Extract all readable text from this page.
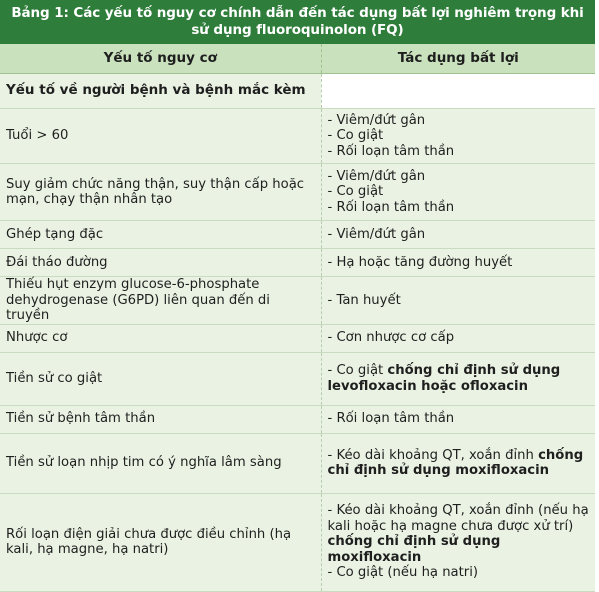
Bảng 1: Các yếu tố nguy cơ chính dẫn đến tác dụng bất lợi nghiêm trọng khi sử dụng fluoroquinolon (FQ)
Yếu tố nguy cơ	Tác dụng bất lợi
Yếu tố về người bệnh và bệnh mắc kèm	
Tuổi > 60	- Viêm/đứt gân
- Co giật
- Rối loạn tâm thần

Suy giảm chức năng thận, suy thận cấp hoặc mạn, chạy thận nhân tạo	- Viêm/đứt gân
- Co giật
- Rối loạn tâm thần

Ghép tạng đặc	- Viêm/đứt gân

Đái tháo đường	- Hạ hoặc tăng đường huyết

Thiếu hụt enzym glucose-6-phosphate dehydrogenase (G6PD) liên quan đến di truyền	- Tan huyết

Nhược cơ	- Cơn nhược cơ cấp

Tiền sử co giật	- Co giật chống chỉ định sử dụng levofloxacin hoặc ofloxacin

Tiền sử bệnh tâm thần	- Rối loạn tâm thần

Tiền sử loạn nhịp tim có ý nghĩa lâm sàng	- Kéo dài khoảng QT, xoắn đỉnh chống chỉ định sử dụng moxifloxacin

Rối loạn điện giải chưa được điều chỉnh (hạ kali, hạ magne, hạ natri)	- Kéo dài khoảng QT, xoắn đỉnh (nếu hạ kali hoặc hạ magne chưa được xử trí) chống chỉ định sử dụng moxifloxacin
- Co giật (nếu hạ natri)
